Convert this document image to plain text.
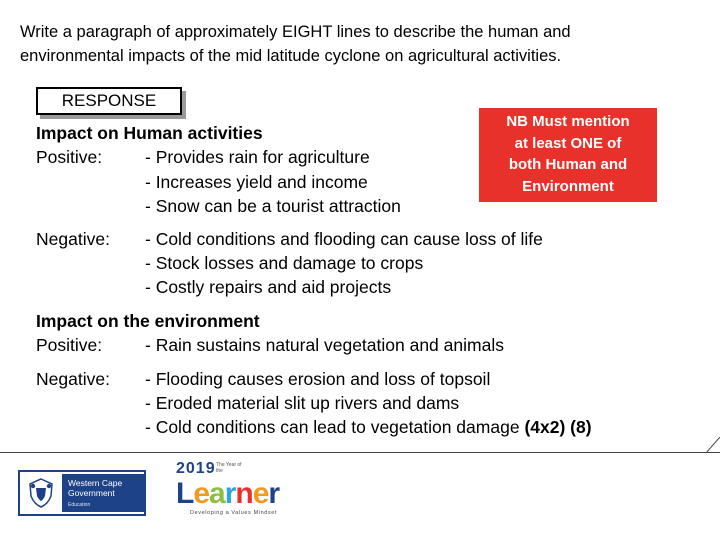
Write a paragraph of approximately EIGHT lines to describe the human and
environmental impacts of the mid latitude cyclone on agricultural activities.
RESPONSE
NB Must mention
at least ONE of
both Human and
Environment
Impact on Human activities
Positive: - Provides rain for agriculture
- Increases yield and income
- Snow can be a tourist attraction
Negative: - Cold conditions and flooding can cause loss of life
- Stock losses and damage to crops
- Costly repairs and aid projects
Impact on the environment
Positive: - Rain sustains natural vegetation and animals
Negative: - Flooding causes erosion and loss of topsoil
- Eroded material slit up rivers and dams
- Cold conditions can lead to vegetation damage (4x2) (8)
Western Cape
Government
Education
2019 The Year of the
Learner
Developing a Values Mindset
